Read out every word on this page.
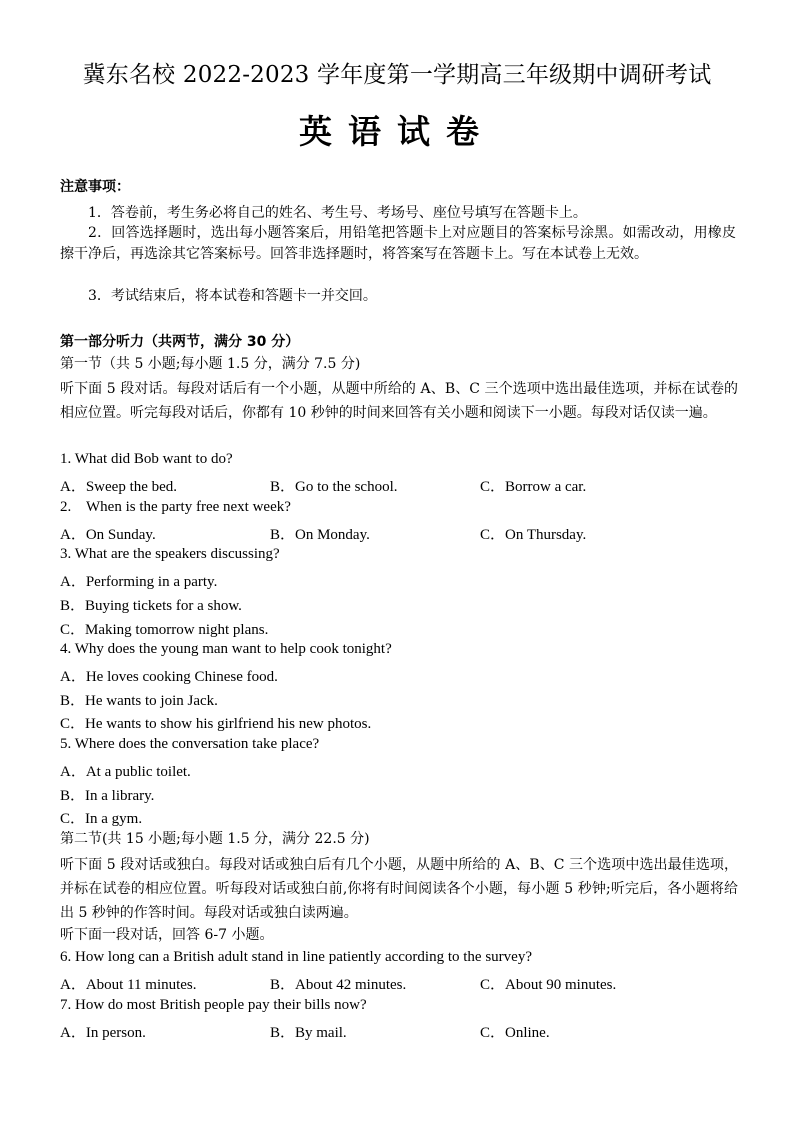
冀东名校 2022-2023 学年度第一学期高三年级期中调研考试
英语试卷
注意事项：
1．答卷前，考生务必将自己的姓名、考生号、考场号、座位号填写在答题卡上。
2．回答选择题时，选出每小题答案后，用铅笔把答题卡上对应题目的答案标号涂黑。如需改动，用橡皮擦干净后，再选涂其它答案标号。回答非选择题时，将答案写在答题卡上。写在本试卷上无效。
3．考试结束后，将本试卷和答题卡一并交回。
第一部分听力（共两节，满分 30 分）
第一节（共 5 小题;每小题 1.5 分，满分 7.5 分)
听下面 5 段对话。每段对话后有一个小题，从题中所给的 A、B、C 三个选项中选出最佳选项，并标在试卷的相应位置。听完每段对话后，你都有 10 秒钟的时间来回答有关小题和阅读下一小题。每段对话仅读一遍。
1. What did Bob want to do?
A．Sweep the bed.	B．Go to the school.	C．Borrow a car.
2. When is the party free next week?
A．On Sunday.	B．On Monday.	C．On Thursday.
3. What are the speakers discussing?
A．Performing in a party.
B．Buying tickets for a show.
C．Making tomorrow night plans.
4. Why does the young man want to help cook tonight?
A．He loves cooking Chinese food.
B．He wants to join Jack.
C．He wants to show his girlfriend his new photos.
5. Where does the conversation take place?
A．At a public toilet.
B．In a library.
C．In a gym.
第二节(共 15 小题;每小题 1.5 分，满分 22.5 分)
听下面 5 段对话或独白。每段对话或独白后有几个小题，从题中所给的 A、B、C 三个选项中选出最佳选项，并标在试卷的相应位置。听每段对话或独白前,你将有时间阅读各个小题，每小题 5 秒钟;听完后，各小题将给出 5 秒钟的作答时间。每段对话或独白读两遍。
听下面一段对话，回答 6-7 小题。
6. How long can a British adult stand in line patiently according to the survey?
A．About 11 minutes.	B．About 42 minutes.	C．About 90 minutes.
7. How do most British people pay their bills now?
A．In person.	B．By mail.	C．Online.
